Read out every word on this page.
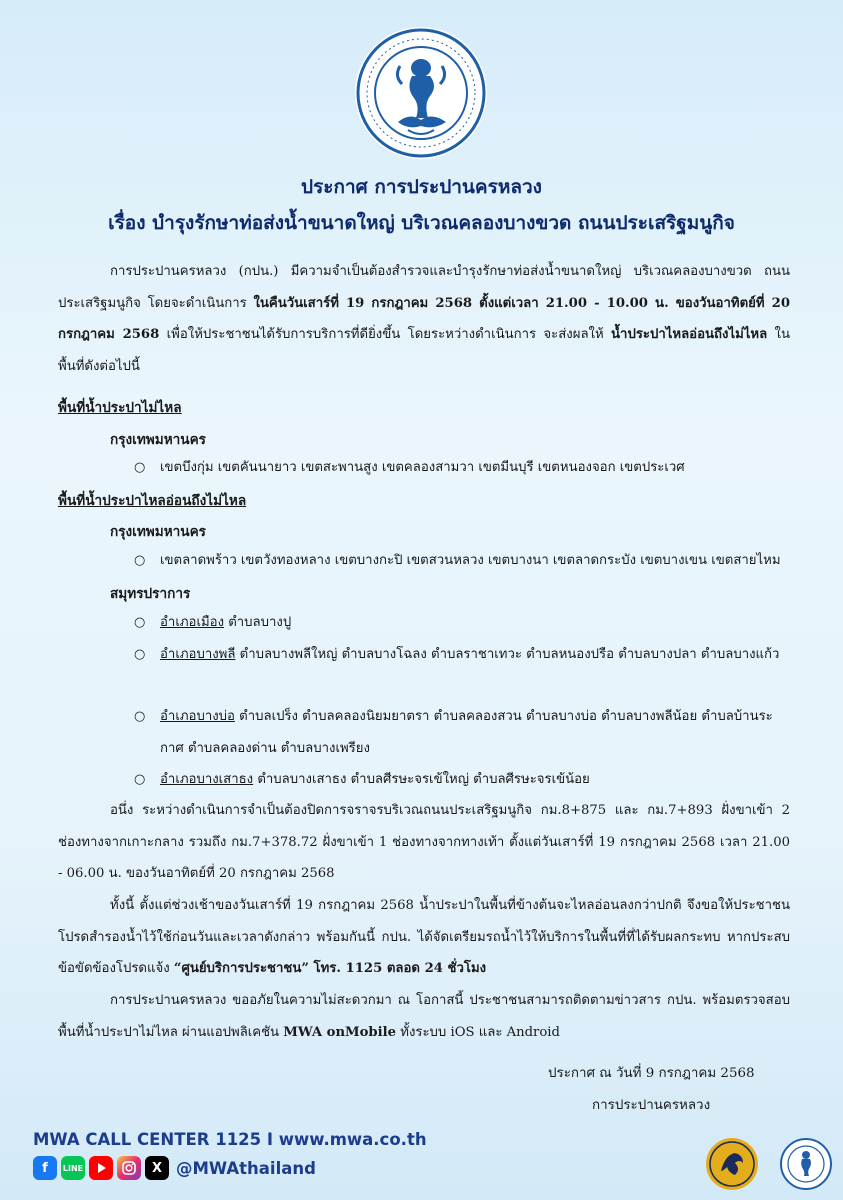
ประกาศ การประปานครหลวง
เรื่อง บำรุงรักษาท่อส่งน้ำขนาดใหญ่ บริเวณคลองบางขวด ถนนประเสริฐมนูกิจ
การประปานครหลวง (กปน.) มีความจำเป็นต้องสำรวจและบำรุงรักษาท่อส่งน้ำขนาดใหญ่ บริเวณคลองบางขวด ถนนประเสริฐมนูกิจ โดยจะดำเนินการ ในคืนวันเสาร์ที่ 19 กรกฎาคม 2568 ตั้งแต่เวลา 21.00 - 10.00 น. ของวันอาทิตย์ที่ 20 กรกฎาคม 2568 เพื่อให้ประชาชนได้รับการบริการที่ดียิ่งขึ้น โดยระหว่างดำเนินการ จะส่งผลให้ น้ำประปาไหลอ่อนถึงไม่ไหล ในพื้นที่ดังต่อไปนี้
พื้นที่น้ำประปาไม่ไหล
กรุงเทพมหานคร
○	เขตบึงกุ่ม เขตคันนายาว เขตสะพานสูง เขตคลองสามวา เขตมีนบุรี เขตหนองจอก เขตประเวศ
พื้นที่น้ำประปาไหลอ่อนถึงไม่ไหล
กรุงเทพมหานคร
○	เขตลาดพร้าว เขตวังทองหลาง เขตบางกะปิ เขตสวนหลวง เขตบางนา เขตลาดกระบัง เขตบางเขน เขตสายไหม
สมุทรปราการ
○	อำเภอเมือง ตำบลบางปู
○	อำเภอบางพลี ตำบลบางพลีใหญ่ ตำบลบางโฉลง ตำบลราชาเทวะ ตำบลหนองปรือ ตำบลบางปลา ตำบลบางแก้ว
○	อำเภอบางบ่อ ตำบลเปร็ง ตำบลคลองนิยมยาตรา ตำบลคลองสวน ตำบลบางบ่อ ตำบลบางพลีน้อย ตำบลบ้านระกาศ ตำบลคลองด่าน ตำบลบางเพรียง
○	อำเภอบางเสาธง ตำบลบางเสาธง ตำบลศีรษะจรเข้ใหญ่ ตำบลศีรษะจรเข้น้อย
อนึ่ง ระหว่างดำเนินการจำเป็นต้องปิดการจราจรบริเวณถนนประเสริฐมนูกิจ กม.8+875 และ กม.7+893 ฝั่งขาเข้า 2 ช่องทางจากเกาะกลาง รวมถึง กม.7+378.72 ฝั่งขาเข้า 1 ช่องทางจากทางเท้า ตั้งแต่วันเสาร์ที่ 19 กรกฎาคม 2568 เวลา 21.00 - 06.00 น. ของวันอาทิตย์ที่ 20 กรกฎาคม 2568
ทั้งนี้ ตั้งแต่ช่วงเช้าของวันเสาร์ที่ 19 กรกฎาคม 2568 น้ำประปาในพื้นที่ข้างต้นจะไหลอ่อนลงกว่าปกติ จึงขอให้ประชาชนโปรดสำรองน้ำไว้ใช้ก่อนวันและเวลาดังกล่าว พร้อมกันนี้ กปน. ได้จัดเตรียมรถน้ำไว้ให้บริการในพื้นที่ที่ได้รับผลกระทบ หากประสบข้อขัดข้องโปรดแจ้ง “ศูนย์บริการประชาชน” โทร. 1125 ตลอด 24 ชั่วโมง
การประปานครหลวง ขออภัยในความไม่สะดวกมา ณ โอกาสนี้ ประชาชนสามารถติดตามข่าวสาร กปน. พร้อมตรวจสอบพื้นที่น้ำประปาไม่ไหล ผ่านแอปพลิเคชัน MWA onMobile ทั้งระบบ iOS และ Android
ประกาศ ณ วันที่ 9 กรกฎาคม 2568
การประปานครหลวง
MWA CALL CENTER 1125 I www.mwa.co.th
f	LINE	X @MWAthailand
